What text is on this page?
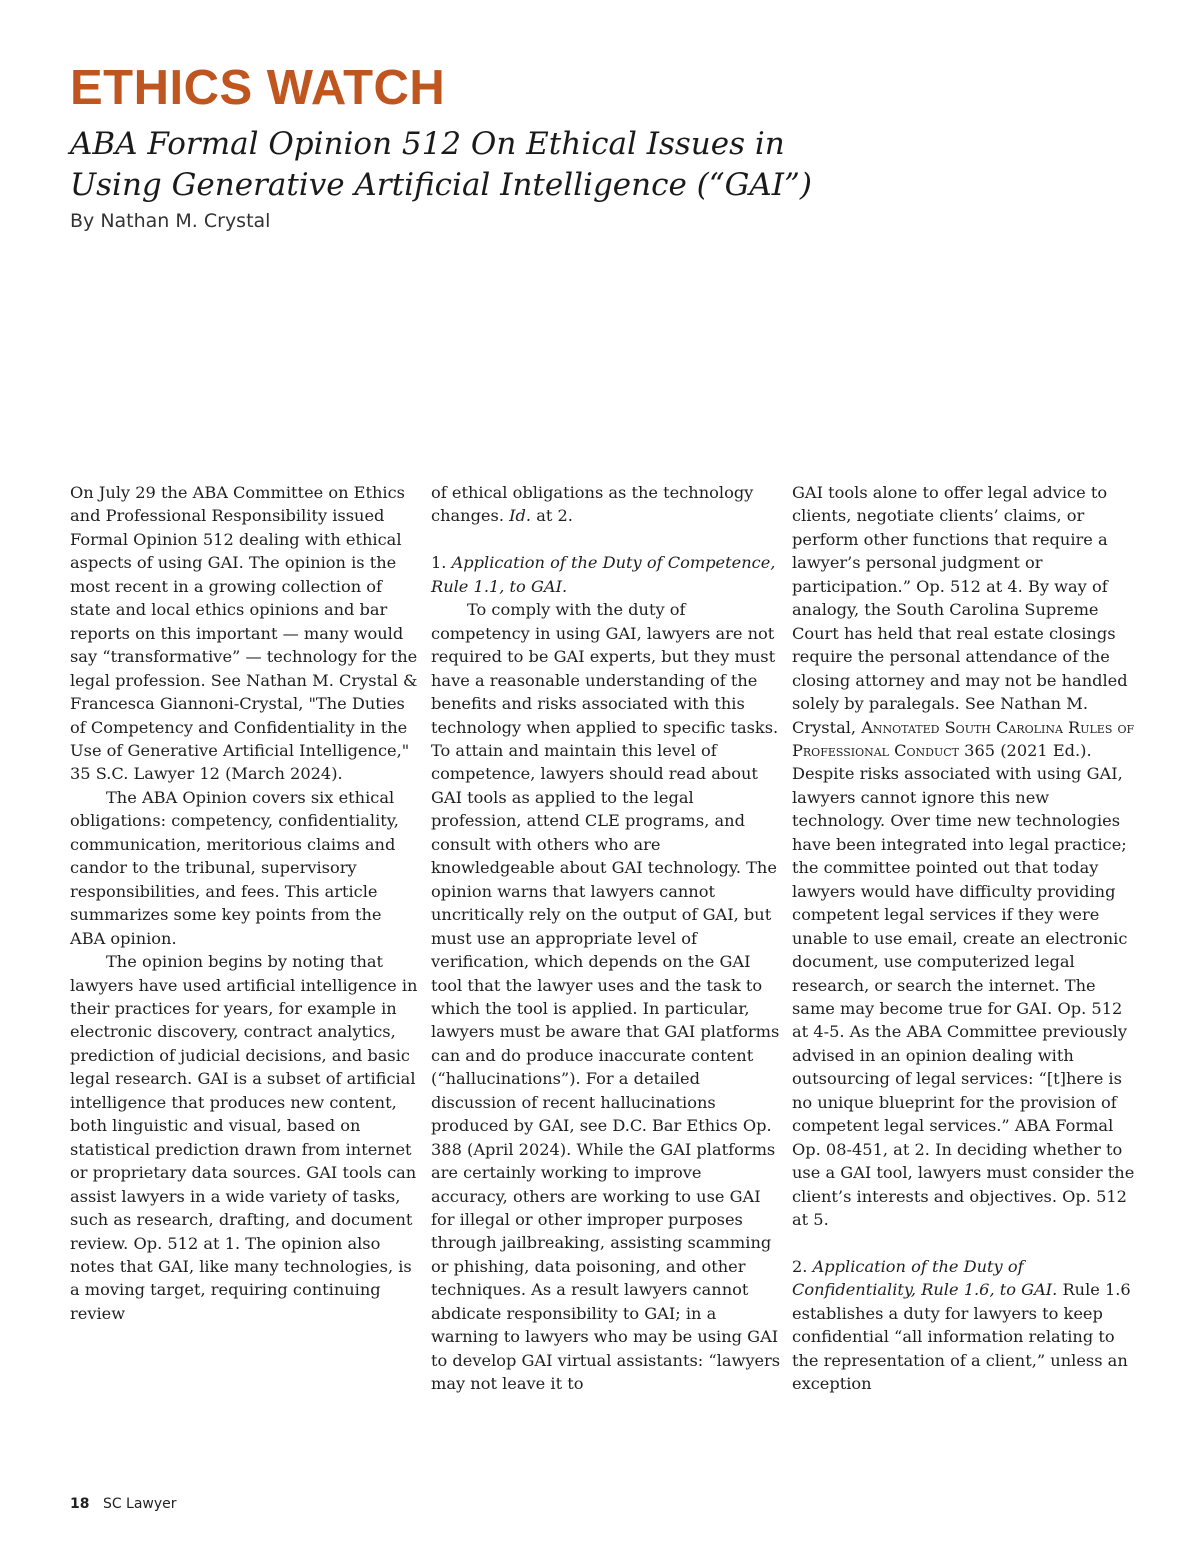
ETHICS WATCH
ABA Formal Opinion 512 On Ethical Issues in
Using Generative Artificial Intelligence (“GAI”)

By Nathan M. Crystal

On July 29 the ABA Committee on Ethics and Professional Responsibility issued Formal Opinion 512 dealing with ethical aspects of using GAI. The opinion is the most recent in a growing collection of state and local ethics opinions and bar reports on this important — many would say “transformative” — technology for the legal profession. See Nathan M. Crystal & Francesca Giannoni-Crystal, "The Duties of Competency and Confidentiality in the Use of Generative Artificial Intelligence," 35 S.C. Lawyer 12 (March 2024).

The ABA Opinion covers six ethical obligations: competency, confidentiality, communication, meritorious claims and candor to the tribunal, supervisory responsibilities, and fees. This article summarizes some key points from the ABA opinion.

The opinion begins by noting that lawyers have used artificial intelligence in their practices for years, for example in electronic discovery, contract analytics, prediction of judicial decisions, and basic legal research. GAI is a subset of artificial intelligence that produces new content, both linguistic and visual, based on statistical prediction drawn from internet or proprietary data sources. GAI tools can assist lawyers in a wide variety of tasks, such as research, drafting, and document review. Op. 512 at 1. The opinion also notes that GAI, like many technologies, is a moving target, requiring continuing review

of ethical obligations as the technology changes. Id. at 2.

1. Application of the Duty of Competence, Rule 1.1, to GAI.

To comply with the duty of competency in using GAI, lawyers are not required to be GAI experts, but they must have a reasonable understanding of the benefits and risks associated with this technology when applied to specific tasks. To attain and maintain this level of competence, lawyers should read about GAI tools as applied to the legal profession, attend CLE programs, and consult with others who are knowledgeable about GAI technology. The opinion warns that lawyers cannot uncritically rely on the output of GAI, but must use an appropriate level of verification, which depends on the GAI tool that the lawyer uses and the task to which the tool is applied. In particular, lawyers must be aware that GAI platforms can and do produce inaccurate content (“hallucinations”). For a detailed discussion of recent hallucinations produced by GAI, see D.C. Bar Ethics Op. 388 (April 2024). While the GAI platforms are certainly working to improve accuracy, others are working to use GAI for illegal or other improper purposes through jailbreaking, assisting scamming or phishing, data poisoning, and other techniques. As a result lawyers cannot abdicate responsibility to GAI; in a warning to lawyers who may be using GAI to develop GAI virtual assistants: “lawyers may not leave it to

GAI tools alone to offer legal advice to clients, negotiate clients’ claims, or perform other functions that require a lawyer’s personal judgment or participation.” Op. 512 at 4. By way of analogy, the South Carolina Supreme Court has held that real estate closings require the personal attendance of the closing attorney and may not be handled solely by paralegals. See Nathan M. Crystal, Annotated South Carolina Rules of Professional Conduct 365 (2021 Ed.). Despite risks associated with using GAI, lawyers cannot ignore this new technology. Over time new technologies have been integrated into legal practice; the committee pointed out that today lawyers would have difficulty providing competent legal services if they were unable to use email, create an electronic document, use computerized legal research, or search the internet. The same may become true for GAI. Op. 512 at 4-5. As the ABA Committee previously advised in an opinion dealing with outsourcing of legal services: “[t]here is no unique blueprint for the provision of competent legal services.” ABA Formal Op. 08-451, at 2. In deciding whether to use a GAI tool, lawyers must consider the client’s interests and objectives. Op. 512 at 5.

2. Application of the Duty of Confidentiality, Rule 1.6, to GAI. Rule 1.6 establishes a duty for lawyers to keep confidential “all information relating to the representation of a client,” unless an exception

18 SC Lawyer
